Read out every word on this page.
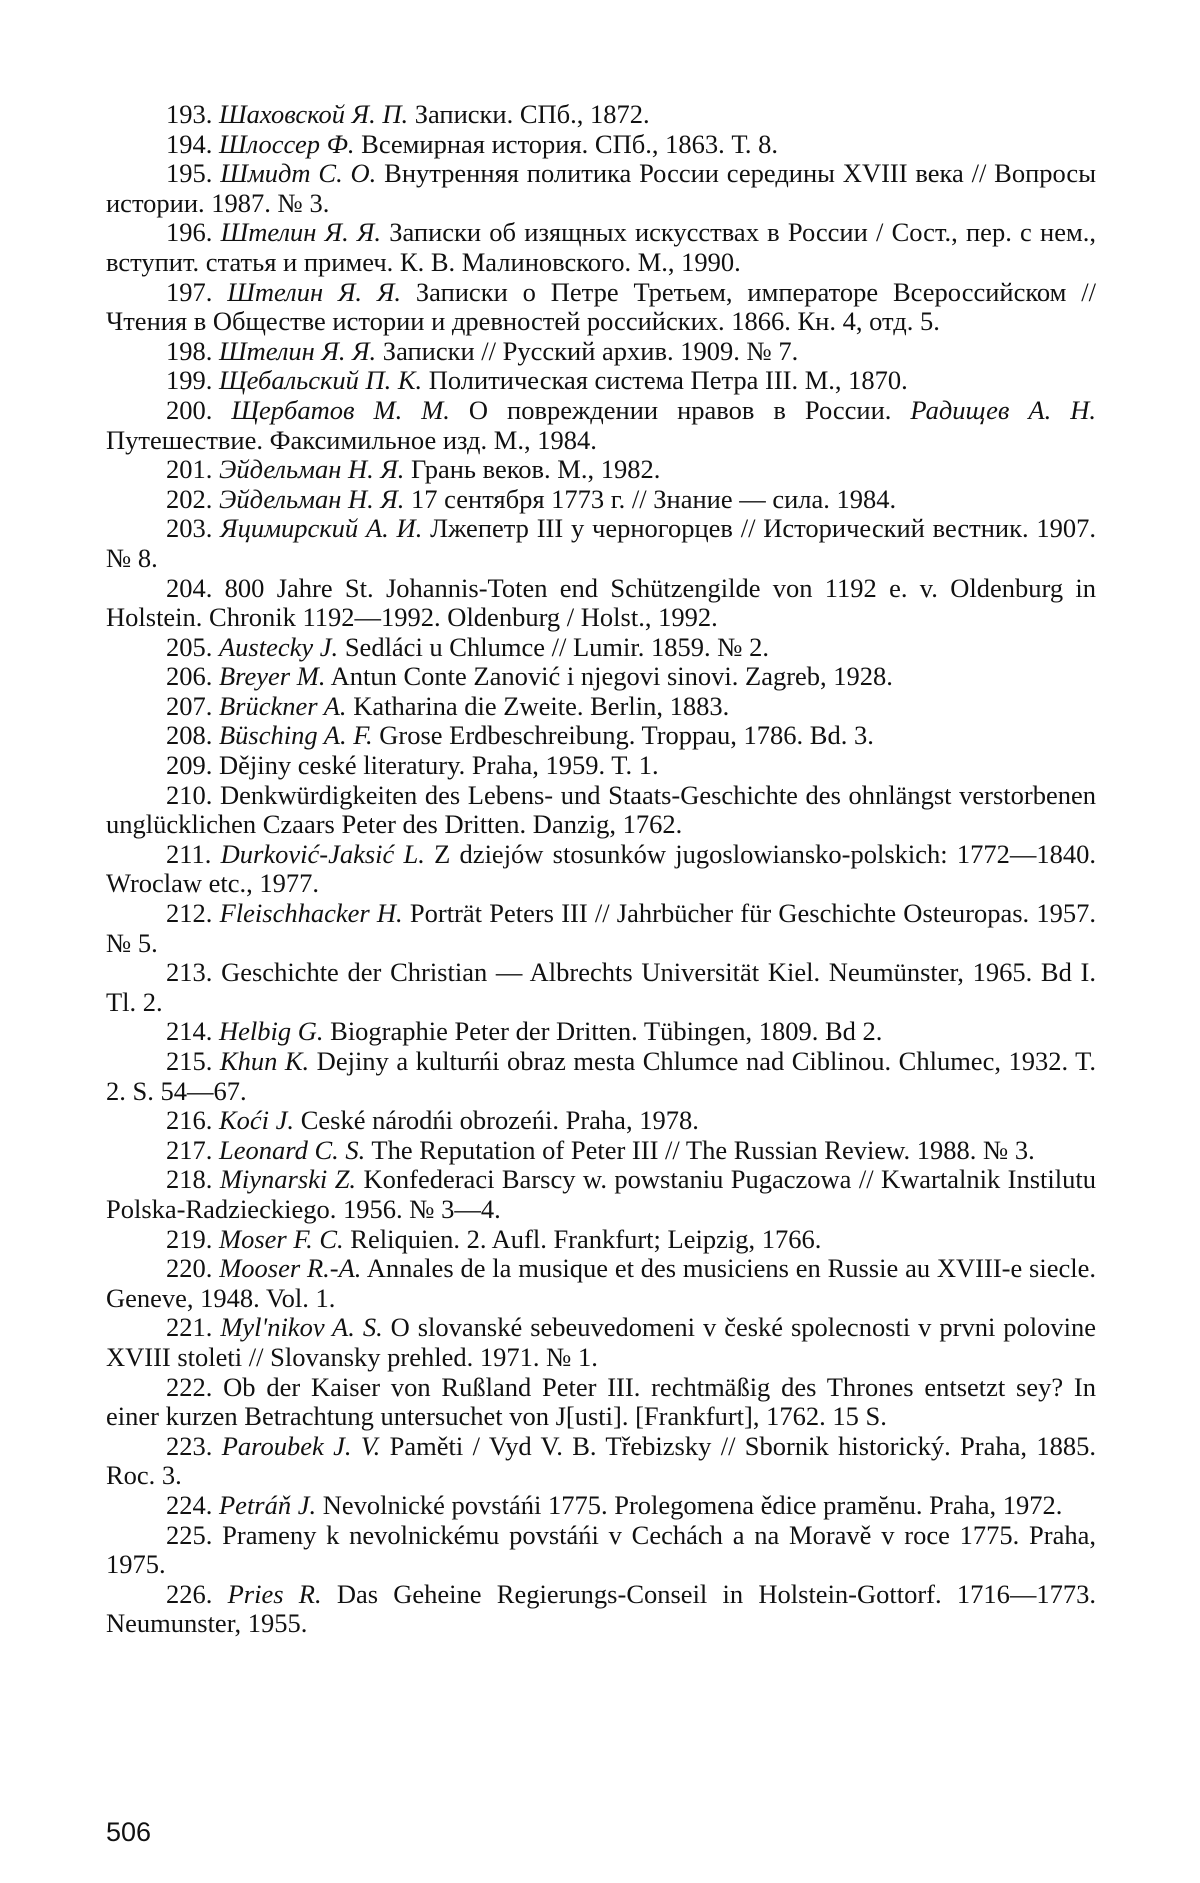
193. Шаховской Я. П. Записки. СПб., 1872.

194. Шлоссер Ф. Всемирная история. СПб., 1863. Т. 8.

195. Шмидт С. О. Внутренняя политика России середины XVIII века // Вопросы истории. 1987. № 3.

196. Штелин Я. Я. Записки об изящных искусствах в России / Сост., пер. с нем., вступит. статья и примеч. К. В. Малиновского. М., 1990.

197. Штелин Я. Я. Записки о Петре Третьем, императоре Всероссийском // Чтения в Обществе истории и древностей российских. 1866. Кн. 4, отд. 5.

198. Штелин Я. Я. Записки // Русский архив. 1909. № 7.

199. Щебальский П. К. Политическая система Петра III. М., 1870.

200. Щербатов М. М. О повреждении нравов в России. Радищев А. Н. Путешествие. Факсимильное изд. М., 1984.

201. Эйдельман Н. Я. Грань веков. М., 1982.

202. Эйдельман Н. Я. 17 сентября 1773 г. // Знание — сила. 1984.

203. Яцимирский А. И. Лжепетр III у черногорцев // Исторический вестник. 1907. № 8.

204. 800 Jahre St. Johannis-Toten end Schützengilde von 1192 e. v. Oldenburg in Holstein. Chronik 1192—1992. Oldenburg / Holst., 1992.

205. Austecky J. Sedláci u Chlumce // Lumir. 1859. № 2.

206. Breyer M. Antun Conte Zanović i njegovi sinovi. Zagreb, 1928.

207. Brückner A. Katharina die Zweite. Berlin, 1883.

208. Büsching A. F. Grose Erdbeschreibung. Troppau, 1786. Bd. 3.

209. Dějiny ceské literatury. Praha, 1959. T. 1.

210. Denkwürdigkeiten des Lebens- und Staats-Geschichte des ohnlängst verstorbenen unglücklichen Czaars Peter des Dritten. Danzig, 1762.

211. Durković-Jaksić L. Z dziejów stosunków jugoslowiansko-polskich: 1772—1840. Wroclaw etc., 1977.

212. Fleischhacker H. Porträt Peters III // Jahrbücher für Geschichte Osteuropas. 1957. № 5.

213. Geschichte der Christian — Albrechts Universität Kiel. Neumünster, 1965. Bd I. Tl. 2.

214. Helbig G. Biographie Peter der Dritten. Tübingen, 1809. Bd 2.

215. Khun K. Dejiny a kulturńi obraz mesta Chlumce nad Ciblinou. Chlumec, 1932. T. 2. S. 54—67.

216. Koći J. Ceské národńi obrozeńi. Praha, 1978.

217. Leonard C. S. The Reputation of Peter III // The Russian Review. 1988. № 3.

218. Miynarski Z. Konfederaci Barscy w. powstaniu Pugaczowa // Kwartalnik Instilutu Polska-Radzieckiego. 1956. № 3—4.

219. Moser F. C. Reliquien. 2. Aufl. Frankfurt; Leipzig, 1766.

220. Mooser R.-A. Annales de la musique et des musiciens en Russie au XVIII-e siecle. Geneve, 1948. Vol. 1.

221. Myl'nikov A. S. O slovanské sebeuvedomeni v české spolecnosti v prvni polovine XVIII stoleti // Slovansky prehled. 1971. № 1.

222. Ob der Kaiser von Rußland Peter III. rechtmäßig des Thrones entsetzt sey? In einer kurzen Betrachtung untersuchet von J[usti]. [Frankfurt], 1762. 15 S.

223. Paroubek J. V. Paměti / Vyd V. B. Třebizsky // Sbornik historický. Praha, 1885. Roc. 3.

224. Petráň J. Nevolnické povstáńi 1775. Prolegomena ědice pramĕnu. Praha, 1972.

225. Prameny k nevolnickému povstáńi v Cechách a na Moravě v roce 1775. Praha, 1975.

226. Pries R. Das Geheine Regierungs-Conseil in Holstein-Gottorf. 1716—1773. Neumunster, 1955.

506
